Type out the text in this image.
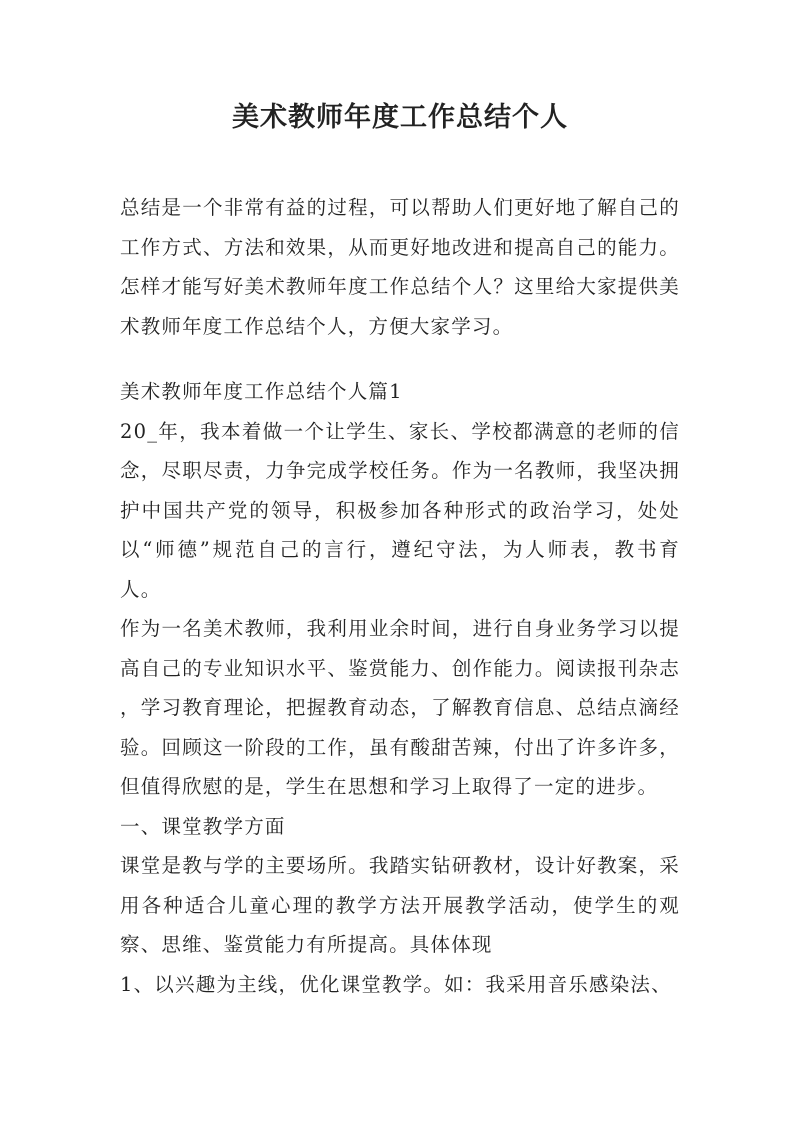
美术教师年度工作总结个人

总结是一个非常有益的过程，可以帮助人们更好地了解自己的工作方式、方法和效果，从而更好地改进和提高自己的能力。怎样才能写好美术教师年度工作总结个人？这里给大家提供美术教师年度工作总结个人，方便大家学习。

美术教师年度工作总结个人篇1

20_年，我本着做一个让学生、家长、学校都满意的老师的信念，尽职尽责，力争完成学校任务。作为一名教师，我坚决拥护中国共产党的领导，积极参加各种形式的政治学习，处处以“师德”规范自己的言行，遵纪守法，为人师表，教书育人。

作为一名美术教师，我利用业余时间，进行自身业务学习以提高自己的专业知识水平、鉴赏能力、创作能力。阅读报刊杂志 ，学习教育理论，把握教育动态，了解教育信息、总结点滴经验。回顾这一阶段的工作，虽有酸甜苦辣，付出了许多许多，但值得欣慰的是，学生在思想和学习上取得了一定的进步。

一、课堂教学方面

课堂是教与学的主要场所。我踏实钻研教材，设计好教案，采用各种适合儿童心理的教学方法开展教学活动，使学生的观察、思维、鉴赏能力有所提高。具体体现

1、以兴趣为主线，优化课堂教学。如：我采用音乐感染法、
